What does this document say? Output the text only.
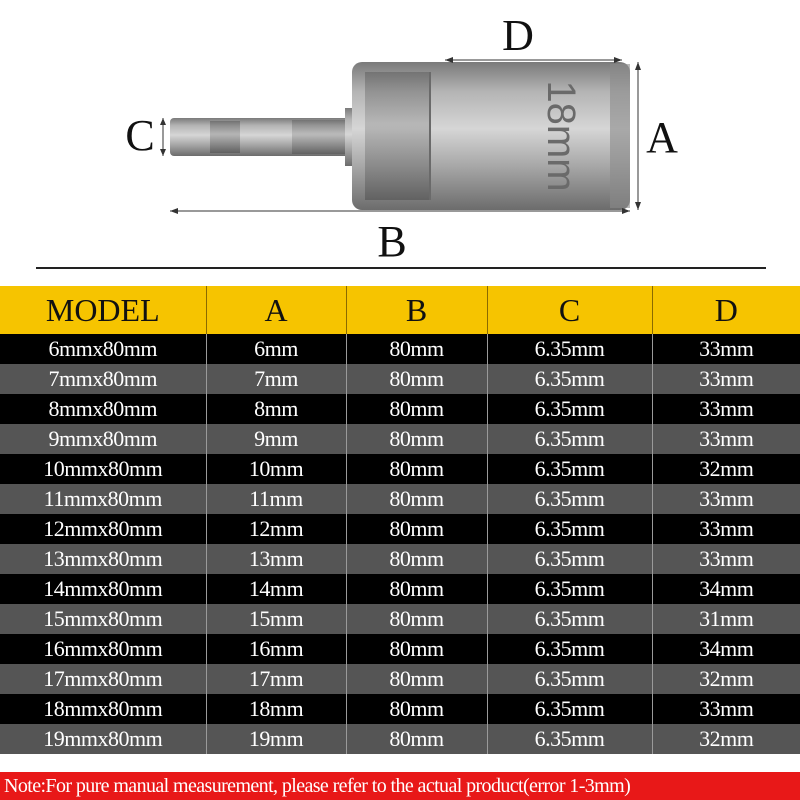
18mm
D
C	A
B
MODEL	A	B	C	D
6mmx80mm	6mm	80mm	6.35mm	33mm
7mmx80mm	7mm	80mm	6.35mm	33mm
8mmx80mm	8mm	80mm	6.35mm	33mm
9mmx80mm	9mm	80mm	6.35mm	33mm
10mmx80mm	10mm	80mm	6.35mm	32mm
11mmx80mm	11mm	80mm	6.35mm	33mm
12mmx80mm	12mm	80mm	6.35mm	33mm
13mmx80mm	13mm	80mm	6.35mm	33mm
14mmx80mm	14mm	80mm	6.35mm	34mm
15mmx80mm	15mm	80mm	6.35mm	31mm
16mmx80mm	16mm	80mm	6.35mm	34mm
17mmx80mm	17mm	80mm	6.35mm	32mm
18mmx80mm	18mm	80mm	6.35mm	33mm
19mmx80mm	19mm	80mm	6.35mm	32mm
Note:For pure manual measurement, please refer to the actual product(error 1-3mm)
